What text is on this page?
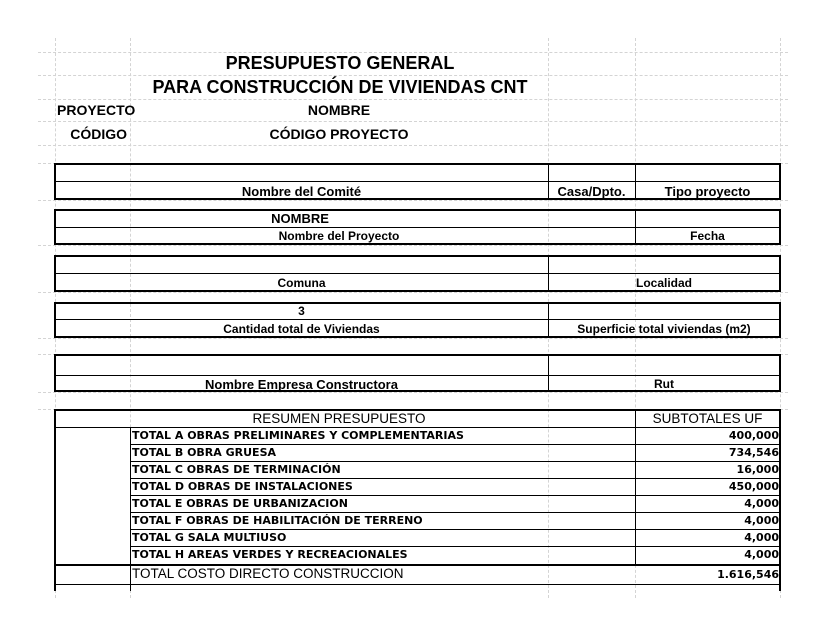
PRESUPUESTO GENERAL
PARA CONSTRUCCIÓN DE VIVIENDAS CNT
PROYECTO	NOMBRE
CÓDIGO	CÓDIGO PROYECTO
Nombre del Comité	Casa/Dpto.	Tipo proyecto
NOMBRE
Nombre del Proyecto	Fecha
Comuna	Localidad
3
Cantidad total de Viviendas	Superficie total viviendas (m2)
Nombre Empresa Constructora	Rut
RESUMEN PRESUPUESTO	SUBTOTALES UF
TOTAL A OBRAS PRELIMINARES Y COMPLEMENTARIAS	400,000
TOTAL B OBRA GRUESA	734,546
TOTAL C OBRAS DE TERMINACIÓN	16,000
TOTAL D OBRAS DE INSTALACIONES	450,000
TOTAL E OBRAS DE URBANIZACION	4,000
TOTAL F OBRAS DE HABILITACIÓN DE TERRENO	4,000
TOTAL G SALA MULTIUSO	4,000
TOTAL H AREAS VERDES Y RECREACIONALES	4,000
TOTAL COSTO DIRECTO CONSTRUCCION	1.616,546
